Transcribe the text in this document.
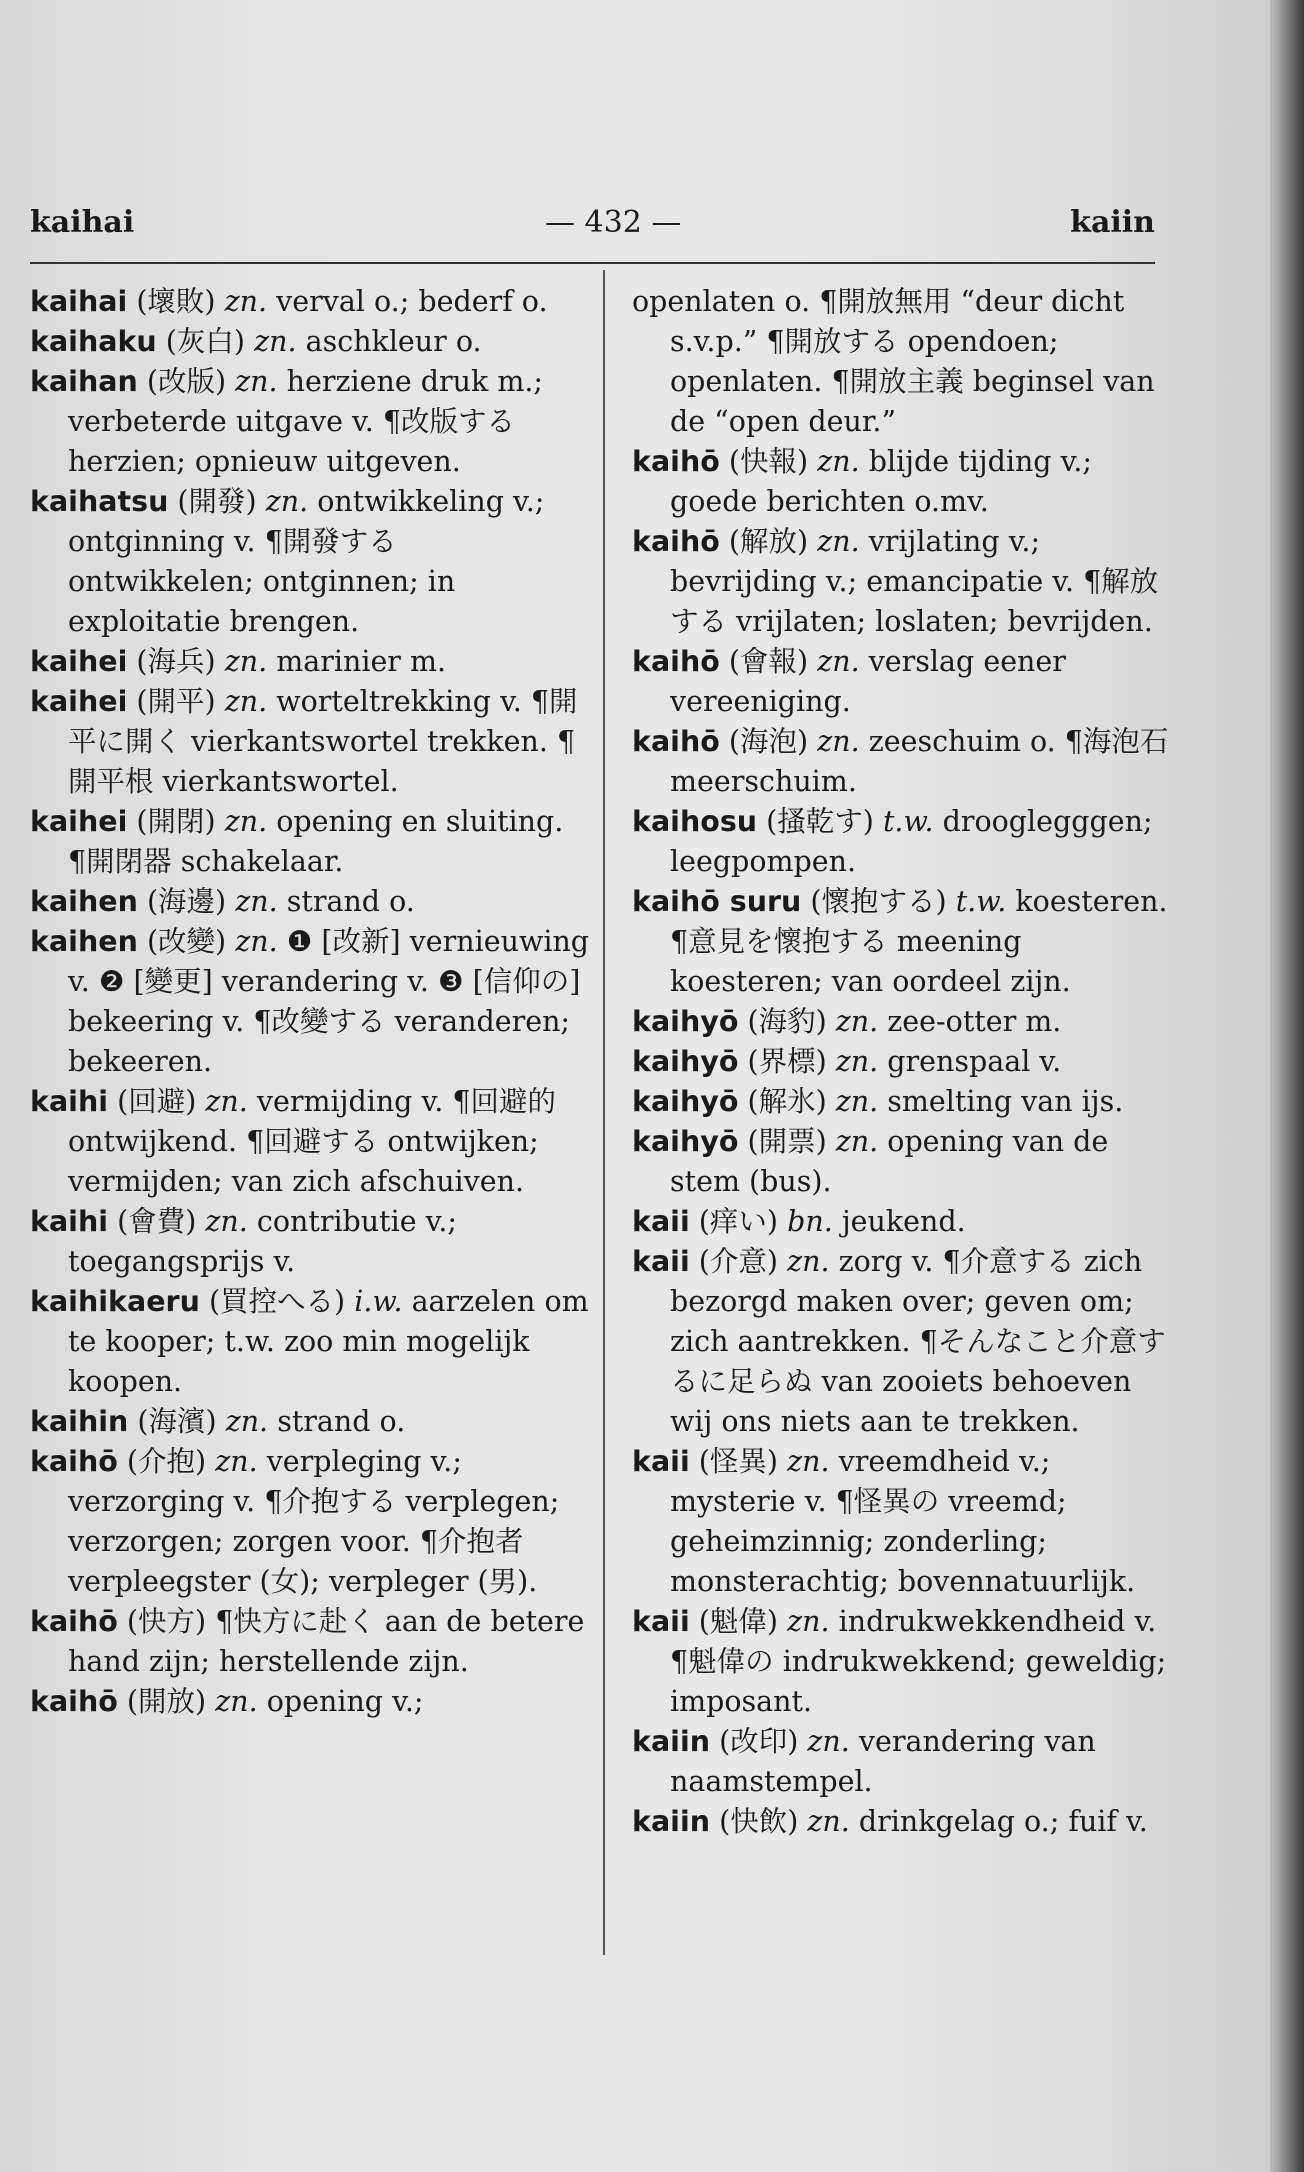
kaihai	— 432 —	kaiin

kaihai (壞敗) zn. verval o.; bederf o.

kaihaku (灰白) zn. aschkleur o.

kaihan (改版) zn. herziene druk m.; verbeterde uitgave v. ¶改版する herzien; opnieuw uitgeven.

kaihatsu (開發) zn. ontwikkeling v.; ontginning v. ¶開發する ontwikkelen; ontginnen; in exploitatie brengen.

kaihei (海兵) zn. marinier m.

kaihei (開平) zn. worteltrekking v. ¶開平に開く vierkantswortel trekken. ¶開平根 vierkantswortel.

kaihei (開閉) zn. opening en sluiting. ¶開閉器 schakelaar.

kaihen (海邊) zn. strand o.

kaihen (改變) zn. ❶ [改新] vernieuwing v. ❷ [變更] verandering v. ❸ [信仰の] bekeering v. ¶改變する veranderen; bekeeren.

kaihi (回避) zn. vermijding v. ¶回避的 ontwijkend. ¶回避する ontwijken; vermijden; van zich afschuiven.

kaihi (會費) zn. contributie v.; toegangsprijs v.

kaihikaeru (買控へる) i.w. aarzelen om te kooper; t.w. zoo min mogelijk koopen.

kaihin (海濱) zn. strand o.

kaihō (介抱) zn. verpleging v.; verzorging v. ¶介抱する verplegen; verzorgen; zorgen voor. ¶介抱者 verpleegster (女); verpleger (男).

kaihō (快方) ¶快方に赴く aan de betere hand zijn; herstellende zijn.

kaihō (開放) zn. opening v.;

openlaten o. ¶開放無用 “deur dicht s.v.p.” ¶開放する opendoen; openlaten. ¶開放主義 beginsel van de “open deur.”

kaihō (快報) zn. blijde tijding v.; goede berichten o.mv.

kaihō (解放) zn. vrijlating v.; bevrijding v.; emancipatie v. ¶解放する vrijlaten; loslaten; bevrijden.

kaihō (會報) zn. verslag eener vereeniging.

kaihō (海泡) zn. zeeschuim o. ¶海泡石 meerschuim.

kaihosu (搔乾す) t.w. drooglegggen; leegpompen.

kaihō suru (懷抱する) t.w. koesteren. ¶意見を懷抱する meening koesteren; van oordeel zijn.

kaihyō (海豹) zn. zee-otter m.

kaihyō (界標) zn. grenspaal v.

kaihyō (解氷) zn. smelting van ijs.

kaihyō (開票) zn. opening van de stem (bus).

kaii (痒い) bn. jeukend.

kaii (介意) zn. zorg v. ¶介意する zich bezorgd maken over; geven om; zich aantrekken. ¶そんなこと介意するに足らぬ van zooiets behoeven wij ons niets aan te trekken.

kaii (怪異) zn. vreemdheid v.; mysterie v. ¶怪異の vreemd; geheimzinnig; zonderling; monsterachtig; bovennatuurlijk.

kaii (魁偉) zn. indrukwekkendheid v. ¶魁偉の indrukwekkend; geweldig; imposant.

kaiin (改印) zn. verandering van naamstempel.

kaiin (快飲) zn. drinkgelag o.; fuif v.
